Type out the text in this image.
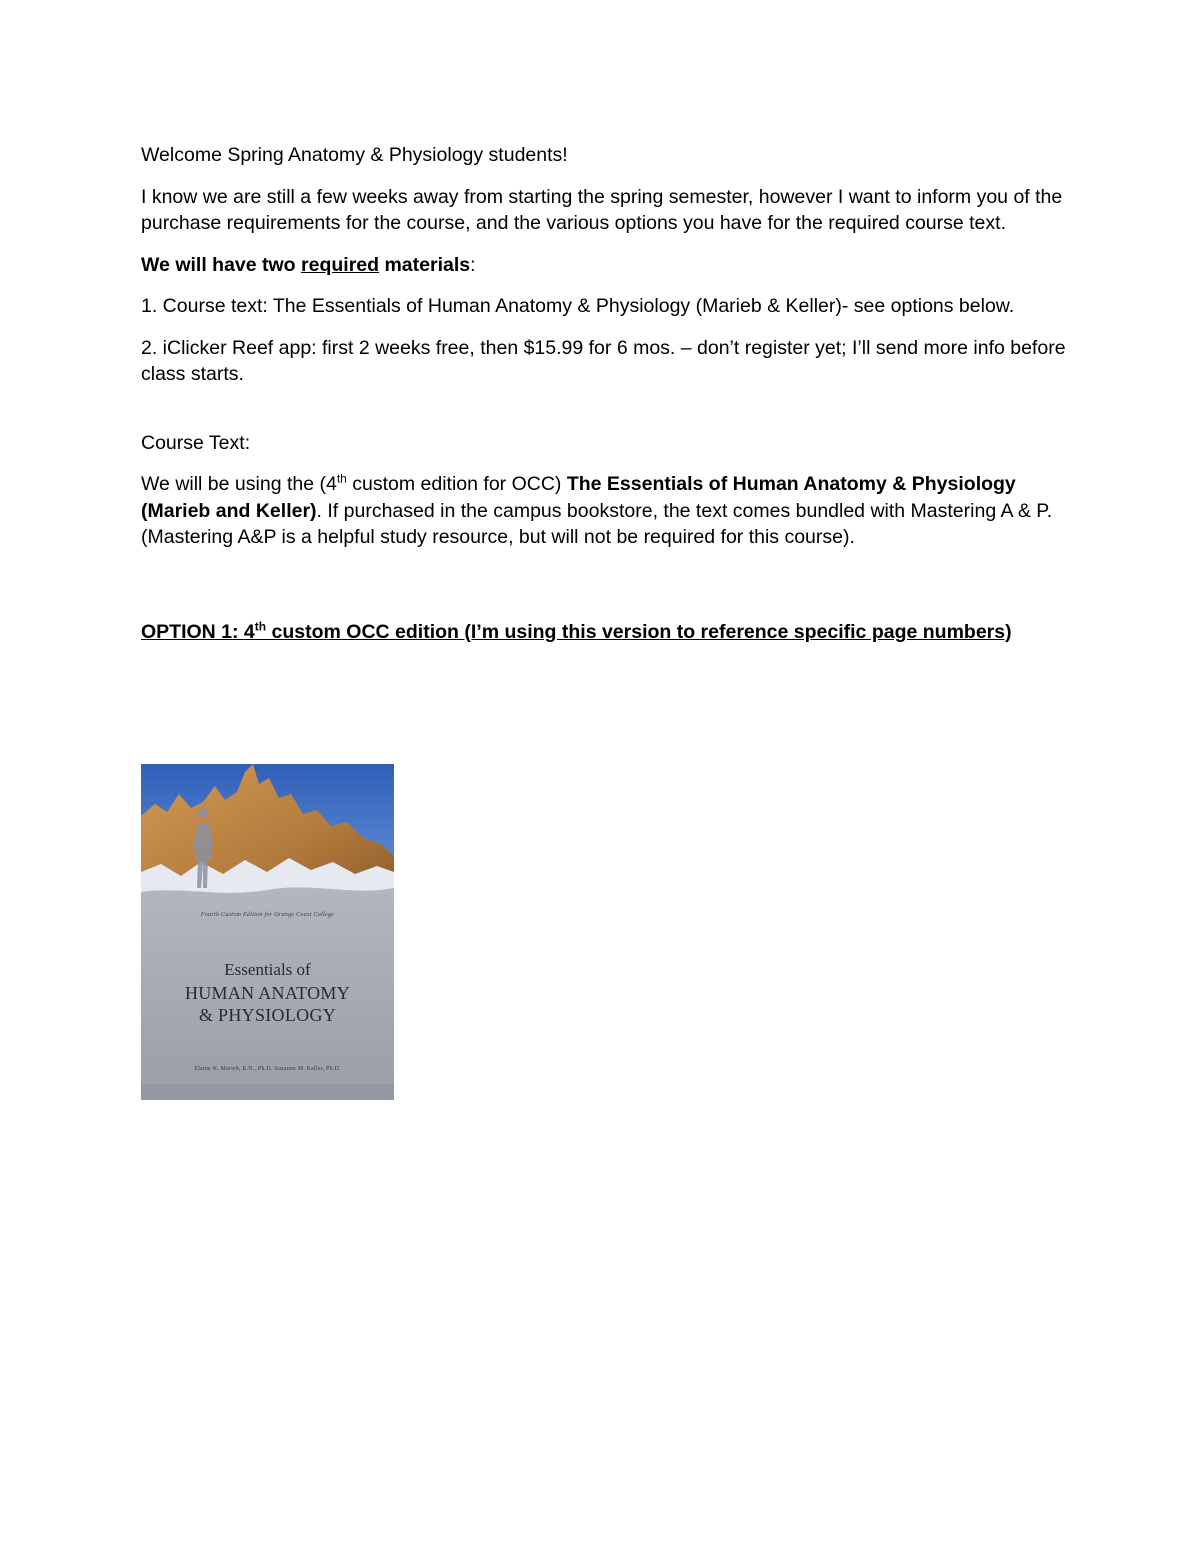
Welcome Spring Anatomy & Physiology students!

I know we are still a few weeks away from starting the spring semester, however I want to inform you of the purchase requirements for the course, and the various options you have for the required course text.

We will have two required materials:

1. Course text: The Essentials of Human Anatomy & Physiology (Marieb & Keller)- see options below.

2. iClicker Reef app: first 2 weeks free, then $15.99 for 6 mos. – don’t register yet; I’ll send more info before class starts.

Course Text:

We will be using the (4th custom edition for OCC) The Essentials of Human Anatomy & Physiology (Marieb and Keller). If purchased in the campus bookstore, the text comes bundled with Mastering A & P. (Mastering A&P is a helpful study resource, but will not be required for this course).

OPTION 1: 4th custom OCC edition (I’m using this version to reference specific page numbers)

Fourth Custom Edition for Orange Coast College
Essentials of
HUMAN ANATOMY
& PHYSIOLOGY
Elaine N. Marieb, R.N., Ph.D. Suzanne M. Keller, Ph.D.
